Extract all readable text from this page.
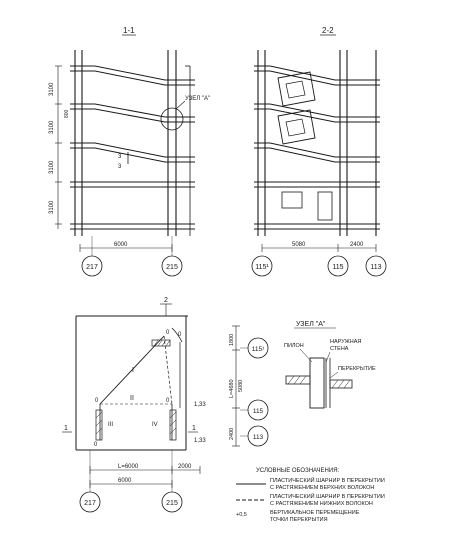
1-1
УЗЕЛ "А"
3
3
3100
3100
3100
3100
800
6000
217	215
2-2
5080	2400
115¹	115	113
2
0
I
II
III	IV
0	0
0
0
1	1
1,33
1,33
1800
L=4680 5080
2400
115¹
115
113
L=6000	2000
6000
217	215
УЗЕЛ "А"
ПИЛОН
НАРУЖНАЯ
СТЕНА
ПЕРЕКРЫТИЕ
УСЛОВНЫЕ ОБОЗНАЧЕНИЯ:
ПЛАСТИЧЕСКИЙ ШАРНИР В ПЕРЕКРЫТИИ
С РАСТЯЖЕНИЕМ ВЕРХНИХ ВОЛОКОН
ПЛАСТИЧЕСКИЙ ШАРНИР В ПЕРЕКРЫТИИ
С РАСТЯЖЕНИЕМ НИЖНИХ ВОЛОКОН
+0,5	ВЕРТИКАЛЬНОЕ ПЕРЕМЕЩЕНИЕ
ТОЧКИ ПЕРЕКРЫТИЯ
